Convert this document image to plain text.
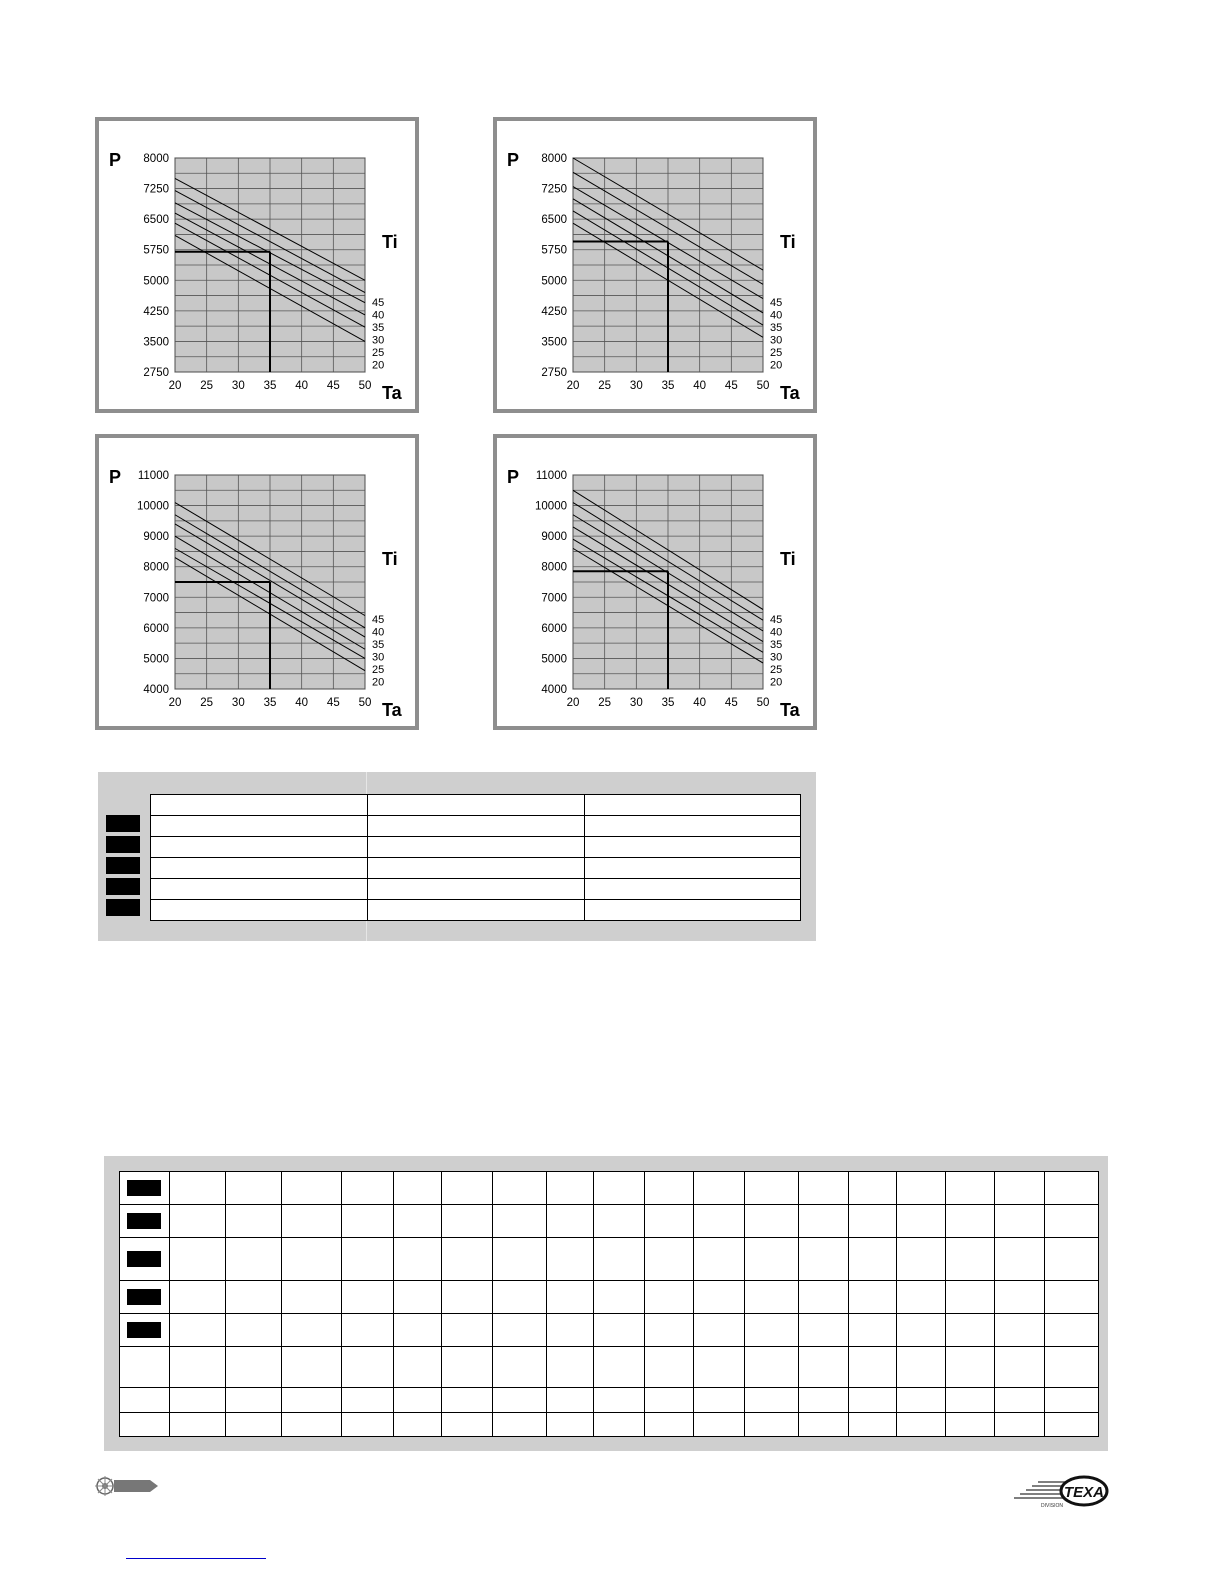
2750
3500
4250
5000
5750
6500
7250
8000
20 25 30 35 40 45 50
45
40
35
30
25
20
P
Ta
Ti
2750
3500
4250
5000
5750
6500
7250
8000
20 25 30 35 40 45 50
45
40
35
30
25
20
P
Ta
Ti
4000
5000
6000
7000
8000
9000
10000
11000
20 25 30 35 40 45 50
45
40
35
30
25
20
P
Ta
Ti
4000
5000
6000
7000
8000
9000
10000
11000
20 25 30 35 40 45 50
45
40
35
30
25
20
P
Ta
Ti

TEXA
DIVISION
